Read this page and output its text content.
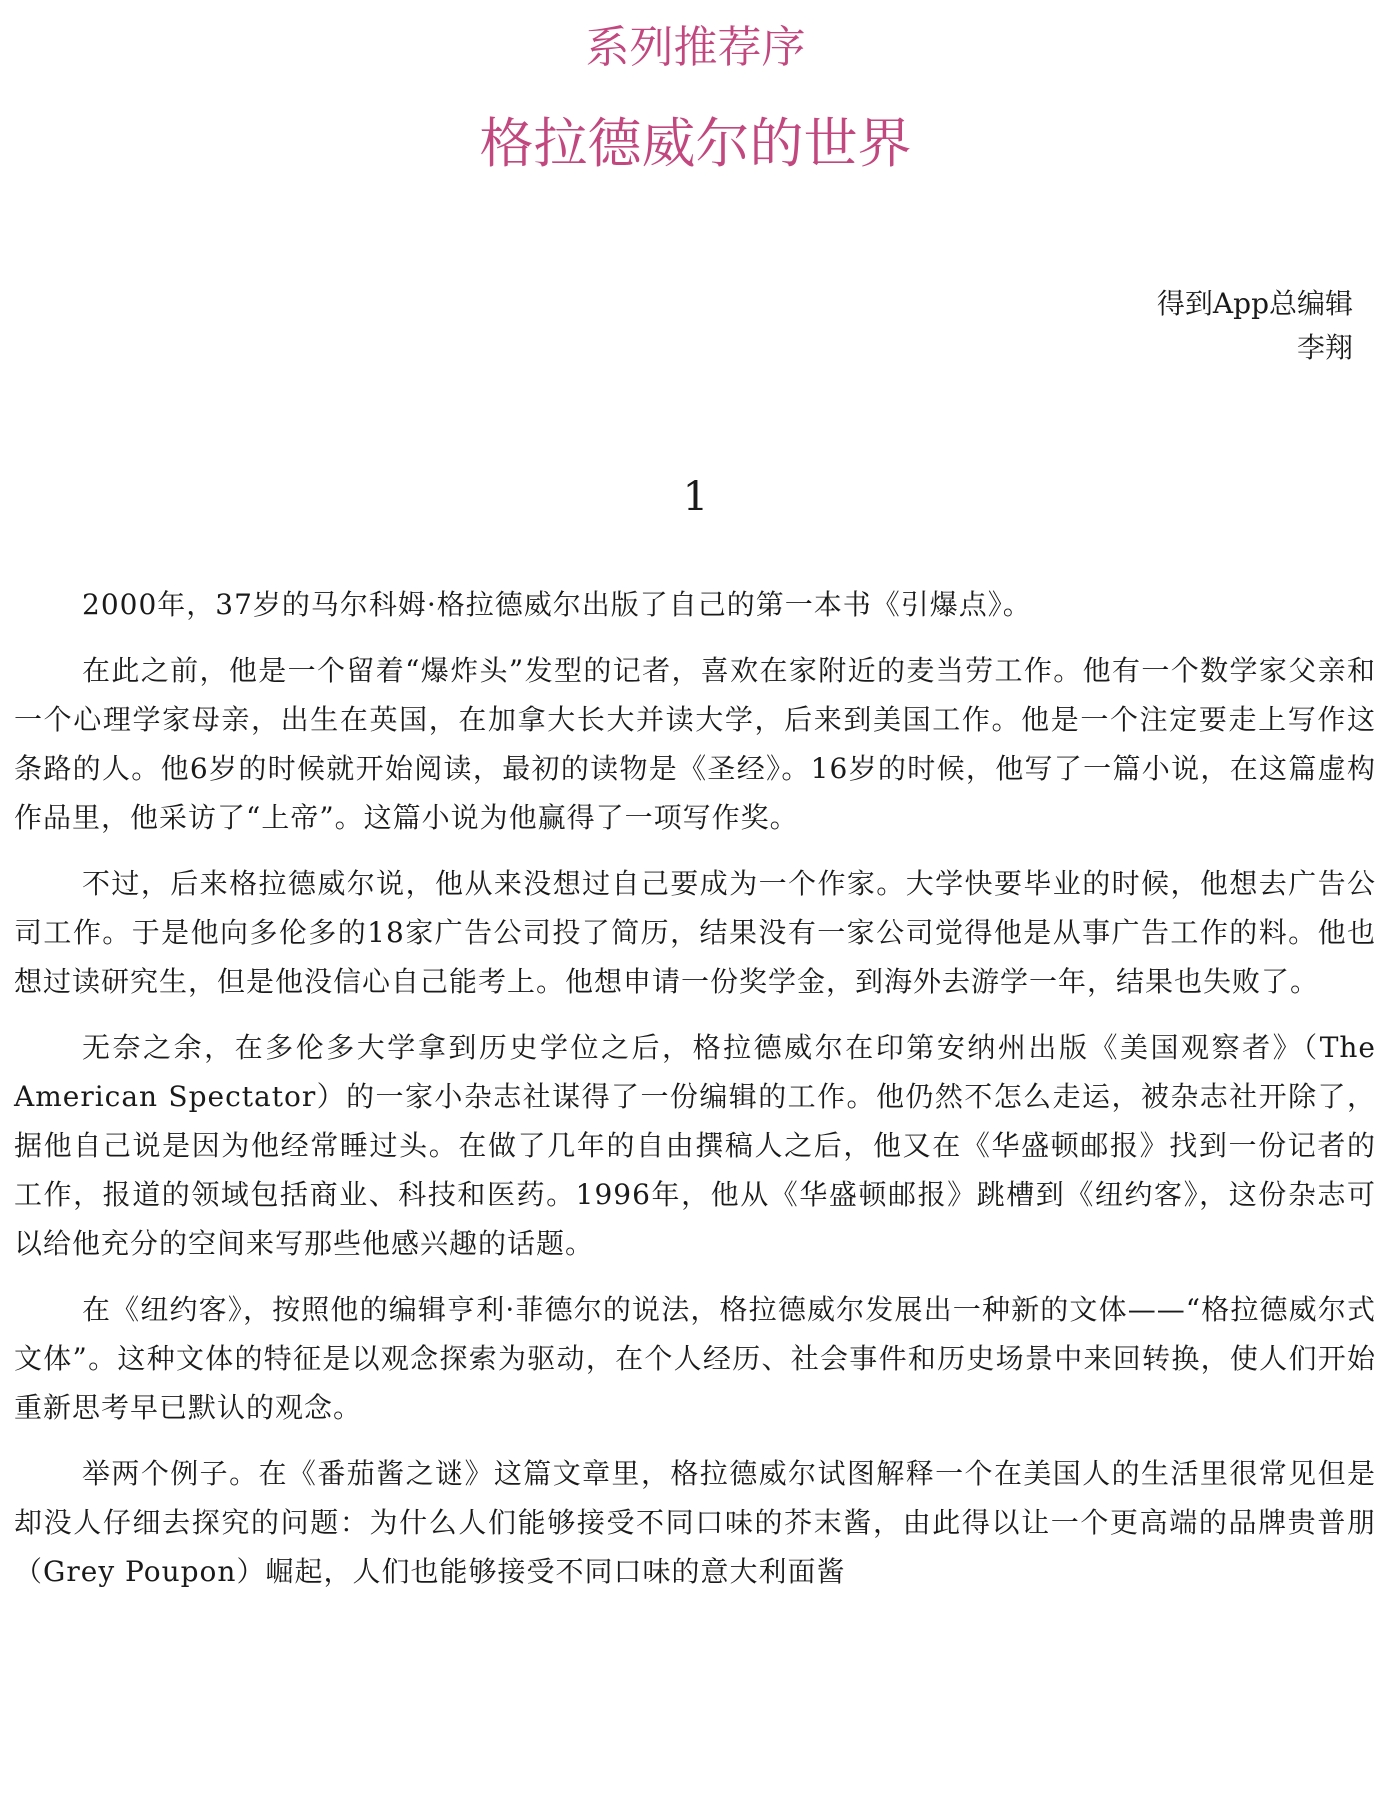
系列推荐序
格拉德威尔的世界
得到App总编辑
李翔
1

2000年，37岁的马尔科姆·格拉德威尔出版了自己的第一本书《引爆点》。

在此之前，他是一个留着“爆炸头”发型的记者，喜欢在家附近的麦当劳工作。他有一个数学家父亲和一个心理学家母亲，出生在英国，在加拿大长大并读大学，后来到美国工作。他是一个注定要走上写作这条路的人。他6岁的时候就开始阅读，最初的读物是《圣经》。16岁的时候，他写了一篇小说，在这篇虚构作品里，他采访了“上帝”。这篇小说为他赢得了一项写作奖。

不过，后来格拉德威尔说，他从来没想过自己要成为一个作家。大学快要毕业的时候，他想去广告公司工作。于是他向多伦多的18家广告公司投了简历，结果没有一家公司觉得他是从事广告工作的料。他也想过读研究生，但是他没信心自己能考上。他想申请一份奖学金，到海外去游学一年，结果也失败了。

无奈之余，在多伦多大学拿到历史学位之后，格拉德威尔在印第安纳州出版《美国观察者》（The American Spectator）的一家小杂志社谋得了一份编辑的工作。他仍然不怎么走运，被杂志社开除了，据他自己说是因为他经常睡过头。在做了几年的自由撰稿人之后，他又在《华盛顿邮报》找到一份记者的工作，报道的领域包括商业、科技和医药。1996年，他从《华盛顿邮报》跳槽到《纽约客》，这份杂志可以给他充分的空间来写那些他感兴趣的话题。

在《纽约客》，按照他的编辑亨利·菲德尔的说法，格拉德威尔发展出一种新的文体——“格拉德威尔式文体”。这种文体的特征是以观念探索为驱动，在个人经历、社会事件和历史场景中来回转换，使人们开始重新思考早已默认的观念。

举两个例子。在《番茄酱之谜》这篇文章里，格拉德威尔试图解释一个在美国人的生活里很常见但是却没人仔细去探究的问题：为什么人们能够接受不同口味的芥末酱，由此得以让一个更高端的品牌贵普朋（Grey Poupon）崛起，人们也能够接受不同口味的意大利面酱
